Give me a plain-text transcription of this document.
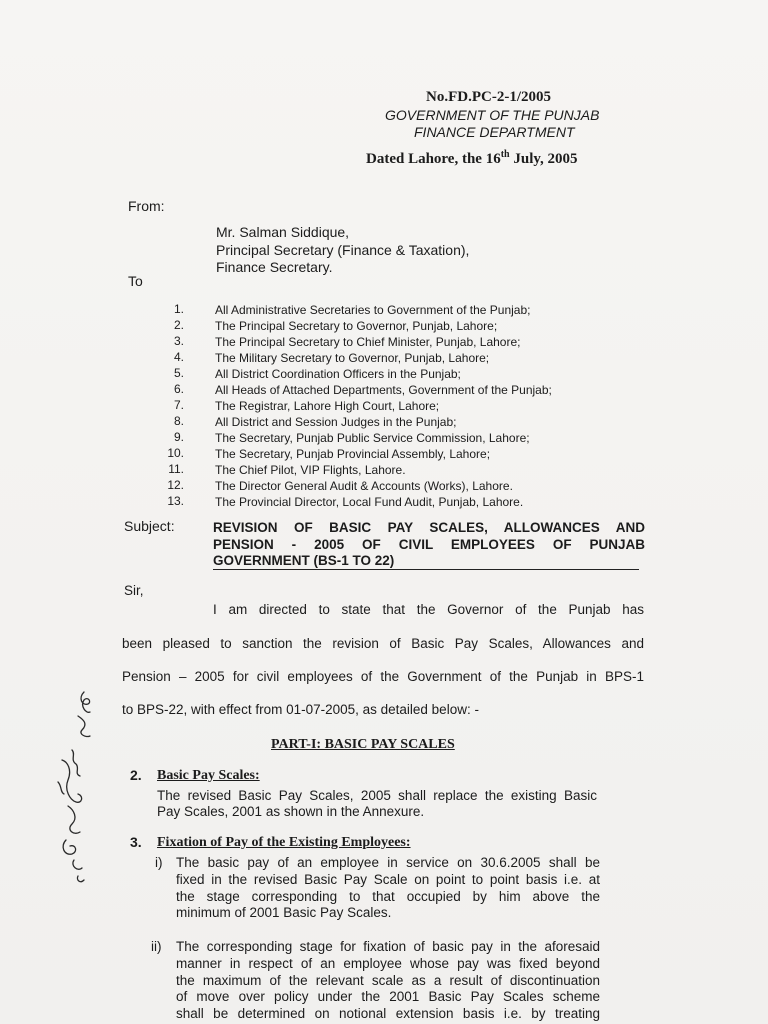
No.FD.PC-2-1/2005
GOVERNMENT OF THE PUNJAB
FINANCE DEPARTMENT
Dated Lahore, the 16th July, 2005
From:
Mr. Salman Siddique,
Principal Secretary (Finance & Taxation),
Finance Secretary.
To
1.	All Administrative Secretaries to Government of the Punjab;
2.	The Principal Secretary to Governor, Punjab, Lahore;
3.	The Principal Secretary to Chief Minister, Punjab, Lahore;
4.	The Military Secretary to Governor, Punjab, Lahore;
5.	All District Coordination Officers in the Punjab;
6.	All Heads of Attached Departments, Government of the Punjab;
7.	The Registrar, Lahore High Court, Lahore;
8.	All District and Session Judges in the Punjab;
9.	The Secretary, Punjab Public Service Commission, Lahore;
10.	The Secretary, Punjab Provincial Assembly, Lahore;
11.	The Chief Pilot, VIP Flights, Lahore.
12.	The Director General Audit & Accounts (Works), Lahore.
13.	The Provincial Director, Local Fund Audit, Punjab, Lahore.
Subject:	REVISION OF BASIC PAY SCALES, ALLOWANCES AND
PENSION - 2005 OF CIVIL EMPLOYEES OF PUNJAB
GOVERNMENT (BS-1 TO 22)
Sir,
I am directed to state that the Governor of the Punjab has
been pleased to sanction the revision of Basic Pay Scales, Allowances and
Pension – 2005 for civil employees of the Government of the Punjab in BPS-1
to BPS-22, with effect from 01-07-2005, as detailed below: -
PART-I: BASIC PAY SCALES
2. Basic Pay Scales:
The revised Basic Pay Scales, 2005 shall replace the existing Basic
Pay Scales, 2001 as shown in the Annexure.
3. Fixation of Pay of the Existing Employees:
i) The basic pay of an employee in service on 30.6.2005 shall be
fixed in the revised Basic Pay Scale on point to point basis i.e. at
the stage corresponding to that occupied by him above the
minimum of 2001 Basic Pay Scales.
ii) The corresponding stage for fixation of basic pay in the aforesaid
manner in respect of an employee whose pay was fixed beyond
the maximum of the relevant scale as a result of discontinuation
of move over policy under the 2001 Basic Pay Scales scheme
shall be determined on notional extension basis i.e. by treating
